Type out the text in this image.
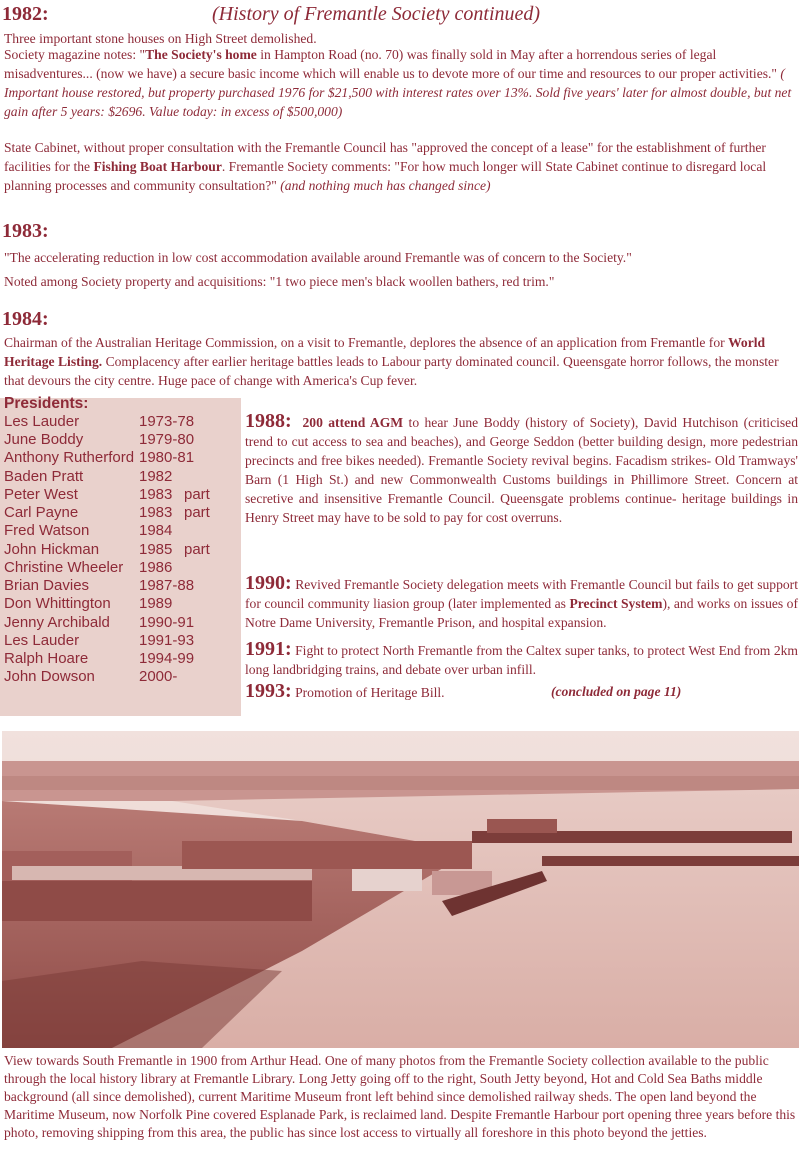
1982:	(History of Fremantle Society continued)

Three important stone houses on High Street demolished.

Society magazine notes: "The Society's home in Hampton Road (no. 70) was finally sold in May after a horrendous series of legal misadventures... (now we have) a secure basic income which will enable us to devote more of our time and resources to our proper activities." ( Important house restored, but property purchased 1976 for $21,500 with interest rates over 13%. Sold five years' later for almost double, but net gain after 5 years: $2696. Value today: in excess of $500,000)

State Cabinet, without proper consultation with the Fremantle Council has "approved the concept of a lease" for the establishment of further facilities for the Fishing Boat Harbour. Fremantle Society comments: "For how much longer will State Cabinet continue to disregard local planning processes and community consultation?" (and nothing much has changed since)

1983:

"The accelerating reduction in low cost accommodation available around Fremantle was of concern to the Society."

Noted among Society property and acquisitions: "1 two piece men's black woollen bathers, red trim."

1984:

Chairman of the Australian Heritage Commission, on a visit to Fremantle, deplores the absence of an application from Fremantle for World Heritage Listing. Complacency after earlier heritage battles leads to Labour party dominated council. Queensgate horror follows, the monster that devours the city centre. Huge pace of change with America's Cup fever.

Presidents:
Les Lauder	1973-78
June Boddy	1979-80
Anthony Rutherford 1980-81
Baden Pratt	1982
Peter West	1983 part
Carl Payne	1983 part
Fred Watson	1984
John Hickman	1985 part
Christine Wheeler 1986
Brian Davies	1987-88
Don Whittington 1989
Jenny Archibald 1990-91
Les Lauder	1991-93
Ralph Hoare	1994-99
John Dowson	2000-

1988: 200 attend AGM to hear June Boddy (history of Society), David Hutchison (criticised trend to cut access to sea and beaches), and George Seddon (better building design, more pedestrian precincts and free bikes needed). Fremantle Society revival begins. Facadism strikes- Old Tramways' Barn (1 High St.) and new Commonwealth Customs buildings in Phillimore Street. Concern at secretive and insensitive Fremantle Council. Queensgate problems continue- heritage buildings in Henry Street may have to be sold to pay for cost overruns.

1990: Revived Fremantle Society delegation meets with Fremantle Council but fails to get support for council community liasion group (later implemented as Precinct System), and works on issues of Notre Dame University, Fremantle Prison, and hospital expansion.

1991: Fight to protect North Fremantle from the Caltex super tanks, to protect West End from 2km long landbridging trains, and debate over urban infill.

1993: Promotion of Heritage Bill.	(concluded on page 11)

View towards South Fremantle in 1900 from Arthur Head. One of many photos from the Fremantle Society collection available to the public through the local history library at Fremantle Library. Long Jetty going off to the right, South Jetty beyond, Hot and Cold Sea Baths middle background (all since demolished), current Maritime Museum front left behind since demolished railway sheds. The open land beyond the Maritime Museum, now Norfolk Pine covered Esplanade Park, is reclaimed land. Despite Fremantle Harbour port opening three years before this photo, removing shipping from this area, the public has since lost access to virtually all foreshore in this photo beyond the jetties.
